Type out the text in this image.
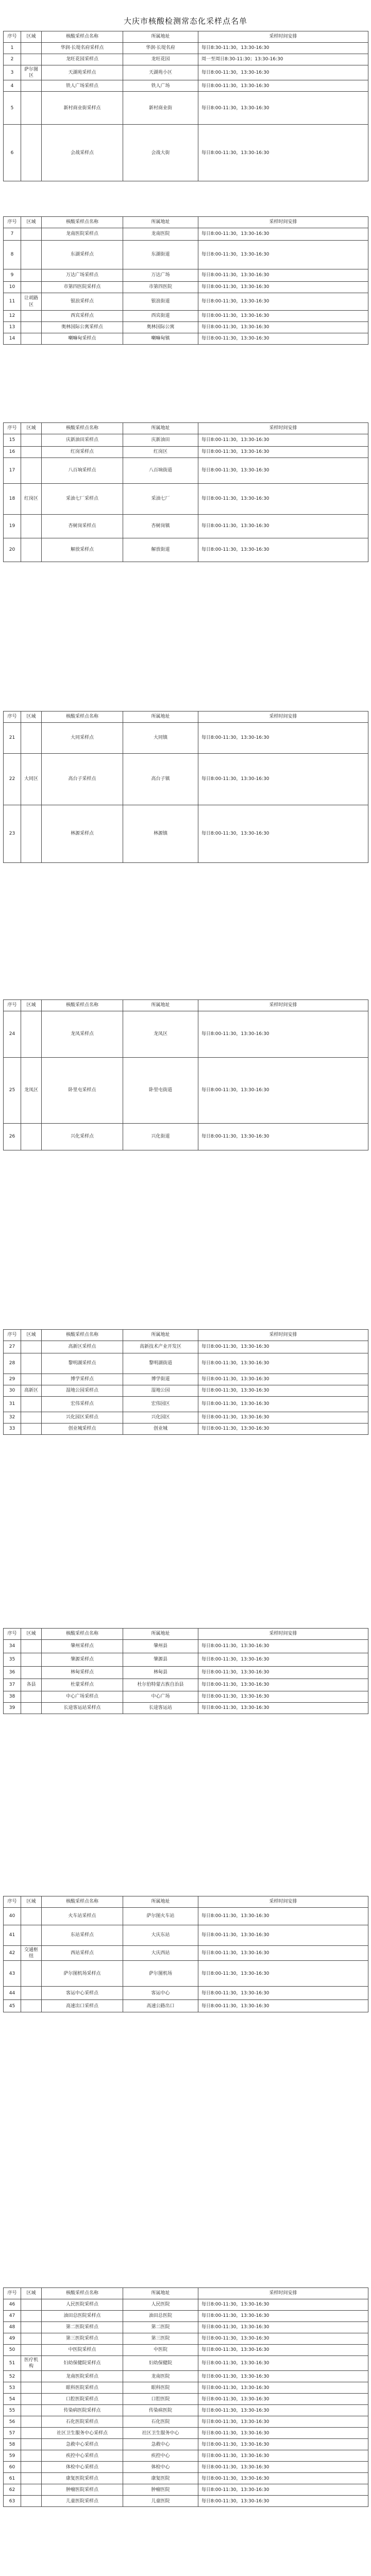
大庆市核酸检测常态化采样点名单
序号	区域	核酸采样点名称	所属地址	采样时间安排
1		华润·长堤名府采样点	华润·长堤名府	每日8:30-11:30，13:30-16:30
2		龙旺花园采样点	龙旺花园	周一至周日8:30-11:30；13:30-16:30
3	萨尔图区	天湖苑采样点	天湖苑小区	每日8:00-11:30，13:30-16:30
4		铁人广场采样点	铁人广场	每日8:00-11:30，13:30-16:30
5		新村商业街采样点	新村商业街	每日8:00-11:30，13:30-16:30
6		会战采样点	会战大街	每日8:00-11:30，13:30-16:30
序号	区域	核酸采样点名称	所属地址	采样时间安排
7		龙南医院采样点	龙南医院	每日8:00-11:30，13:30-16:30
8		东湖采样点	东湖街道	每日8:00-11:30，13:30-16:30
9		万达广场采样点	万达广场	每日8:00-11:30，13:30-16:30
10		市第四医院采样点	市第四医院	每日8:00-11:30，13:30-16:30
11	让胡路区	银浪采样点	银浪街道	每日8:00-11:30，13:30-16:30
12		西宾采样点	西宾街道	每日8:00-11:30，13:30-16:30
13		奥林国际公寓采样点	奥林国际公寓	每日8:00-11:30，13:30-16:30
14		喇嘛甸采样点	喇嘛甸镇	每日8:00-11:30，13:30-16:30
序号	区域	核酸采样点名称	所属地址	采样时间安排
15		庆新油田采样点	庆新油田	每日8:00-11:30，13:30-16:30
16		红岗采样点	红岗区	每日8:00-11:30，13:30-16:30
17		八百垧采样点	八百垧街道	每日8:00-11:30，13:30-16:30
18	红岗区	采油七厂采样点	采油七厂	每日8:00-11:30，13:30-16:30
19		杏树岗采样点	杏树岗镇	每日8:00-11:30，13:30-16:30
20		解放采样点	解放街道	每日8:00-11:30，13:30-16:30
序号	区域	核酸采样点名称	所属地址	采样时间安排
21		大同采样点	大同镇	每日8:00-11:30，13:30-16:30
22	大同区	高台子采样点	高台子镇	每日8:00-11:30，13:30-16:30
23		林源采样点	林源镇	每日8:00-11:30，13:30-16:30
序号	区域	核酸采样点名称	所属地址	采样时间安排
24		龙凤采样点	龙凤区	每日8:00-11:30，13:30-16:30
25	龙凤区	卧里屯采样点	卧里屯街道	每日8:00-11:30，13:30-16:30
26		兴化采样点	兴化街道	每日8:00-11:30，13:30-16:30
序号	区域	核酸采样点名称	所属地址	采样时间安排
27		高新区采样点	高新技术产业开发区	每日8:00-11:30，13:30-16:30
28		黎明湖采样点	黎明湖街道	每日8:00-11:30，13:30-16:30
29		博学采样点	博学街道	每日8:00-11:30，13:30-16:30
30	高新区	湿地公园采样点	湿地公园	每日8:00-11:30，13:30-16:30
31		宏伟采样点	宏伟园区	每日8:00-11:30，13:30-16:30
32		兴化园区采样点	兴化园区	每日8:00-11:30，13:30-16:30
33		创业城采样点	创业城	每日8:00-11:30，13:30-16:30
序号	区域	核酸采样点名称	所属地址	采样时间安排
34		肇州采样点	肇州县	每日8:00-11:30，13:30-16:30
35		肇源采样点	肇源县	每日8:00-11:30，13:30-16:30
36		林甸采样点	林甸县	每日8:00-11:30，13:30-16:30
37	各县	杜蒙采样点	杜尔伯特蒙古族自治县	每日8:00-11:30，13:30-16:30
38		中心广场采样点	中心广场	每日8:00-11:30，13:30-16:30
39		长途客运站采样点	长途客运站	每日8:00-11:30，13:30-16:30
序号	区域	核酸采样点名称	所属地址	采样时间安排
40		火车站采样点	萨尔图火车站	每日8:00-11:30，13:30-16:30
41		东站采样点	大庆东站	每日8:00-11:30，13:30-16:30
42	交通枢纽	西站采样点	大庆西站	每日8:00-11:30，13:30-16:30
43		萨尔图机场采样点	萨尔图机场	每日8:00-11:30，13:30-16:30
44		客运中心采样点	客运中心	每日8:00-11:30，13:30-16:30
45		高速出口采样点	高速公路出口	每日8:00-11:30，13:30-16:30
序号	区域	核酸采样点名称	所属地址	采样时间安排
46		人民医院采样点	人民医院	每日8:00-11:30，13:30-16:30
47		油田总医院采样点	油田总医院	每日8:00-11:30，13:30-16:30
48		第二医院采样点	第二医院	每日8:00-11:30，13:30-16:30
49		第三医院采样点	第三医院	每日8:00-11:30，13:30-16:30
50		中医院采样点	中医院	每日8:00-11:30，13:30-16:30
51	医疗机构	妇幼保健院采样点	妇幼保健院	每日8:00-11:30，13:30-16:30
52		龙南医院采样点	龙南医院	每日8:00-11:30，13:30-16:30
53		眼科医院采样点	眼科医院	每日8:00-11:30，13:30-16:30
54		口腔医院采样点	口腔医院	每日8:00-11:30，13:30-16:30
55		传染病医院采样点	传染病医院	每日8:00-11:30，13:30-16:30
56		石化医院采样点	石化医院	每日8:00-11:30，13:30-16:30
57		社区卫生服务中心采样点	社区卫生服务中心	每日8:00-11:30，13:30-16:30
58		急救中心采样点	急救中心	每日8:00-11:30，13:30-16:30
59		疾控中心采样点	疾控中心	每日8:00-11:30，13:30-16:30
60		体检中心采样点	体检中心	每日8:00-11:30，13:30-16:30
61		康复医院采样点	康复医院	每日8:00-11:30，13:30-16:30
62		肿瘤医院采样点	肿瘤医院	每日8:00-11:30，13:30-16:30
63		儿童医院采样点	儿童医院	每日8:00-11:30，13:30-16:30
